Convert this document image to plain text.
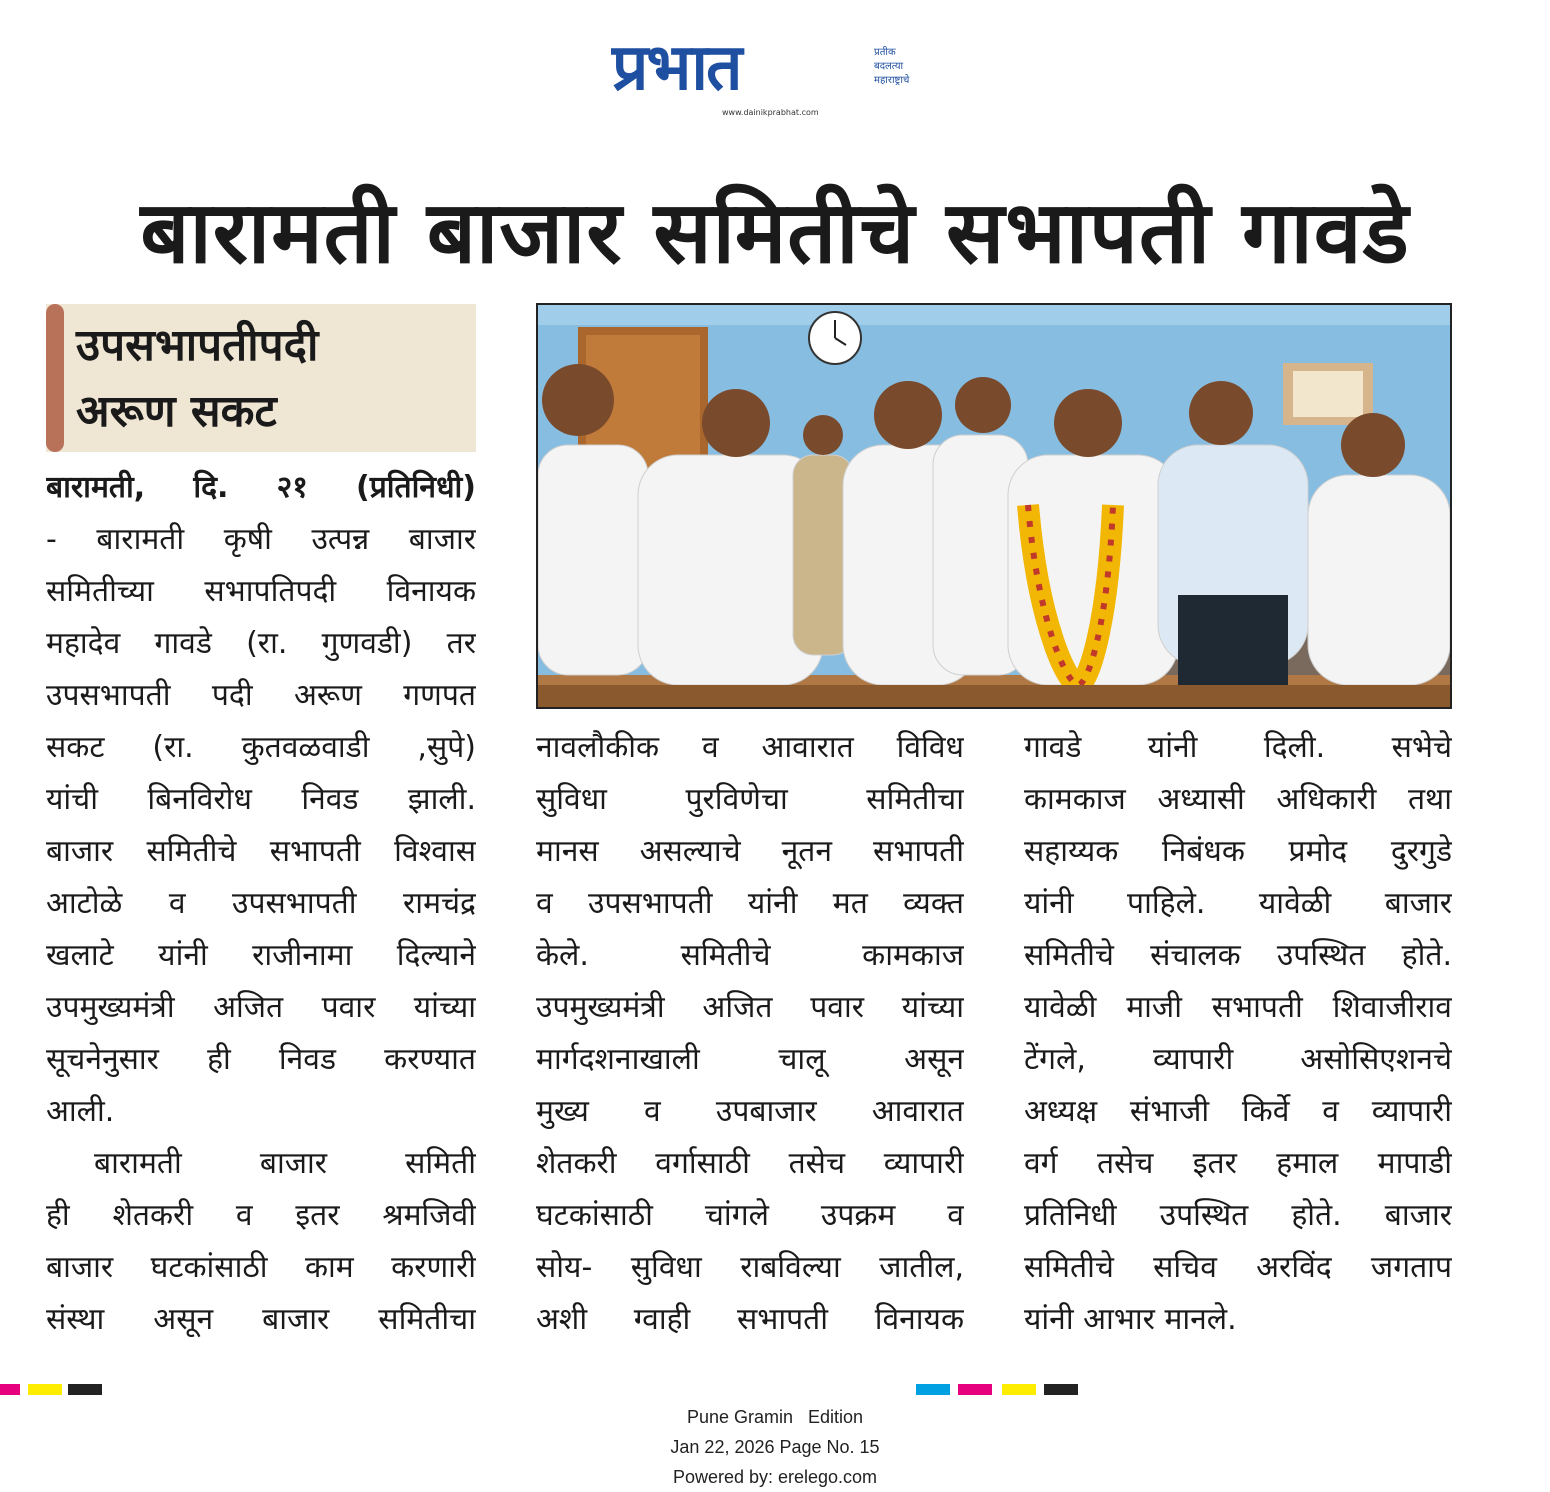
प्रभात	प्रतीक
बदलत्या
महाराष्ट्राचे
www.dainikprabhat.com
बारामती बाजार समितीचे सभापती गावडे
उपसभापतीपदी
अरूण सकट
बारामती, दि. २१ (प्रतिनिधी)
- बारामती कृषी उत्पन्न बाजार
समितीच्या सभापतिपदी विनायक
महादेव गावडे (रा. गुणवडी) तर
उपसभापती पदी अरूण गणपत
सकट (रा. कुतवळवाडी ,सुपे)
यांची बिनविरोध निवड झाली.
बाजार समितीचे सभापती विश्वास
आटोळे व उपसभापती रामचंद्र
खलाटे यांनी राजीनामा दिल्याने
उपमुख्यमंत्री अजित पवार यांच्या
सूचनेनुसार ही निवड करण्यात
आली.
बारामती बाजार समिती
ही शेतकरी व इतर श्रमजिवी
बाजार घटकांसाठी काम करणारी
संस्था असून बाजार समितीचा
नावलौकीक व आवारात विविध
सुविधा पुरविणेचा समितीचा
मानस असल्याचे नूतन सभापती
व उपसभापती यांनी मत व्यक्त
केले. समितीचे कामकाज
उपमुख्यमंत्री अजित पवार यांच्या
मार्गदशनाखाली चालू असून
मुख्य व उपबाजार आवारात
शेतकरी वर्गासाठी तसेच व्यापारी
घटकांसाठी चांगले उपक्रम व
सोय- सुविधा राबविल्या जातील,
अशी ग्वाही सभापती विनायक
गावडे यांनी दिली. सभेचे
कामकाज अध्यासी अधिकारी तथा
सहाय्यक निबंधक प्रमोद दुरगुडे
यांनी पाहिले. यावेळी बाजार
समितीचे संचालक उपस्थित होते.
यावेळी माजी सभापती शिवाजीराव
टेंगले, व्यापारी असोसिएशनचे
अध्यक्ष संभाजी किर्वे व व्यापारी
वर्ग तसेच इतर हमाल मापाडी
प्रतिनिधी उपस्थित होते. बाजार
समितीचे सचिव अरविंद जगताप
यांनी आभार मानले.
Pune Gramin   Edition
Jan 22, 2026 Page No. 15
Powered by: erelego.com
